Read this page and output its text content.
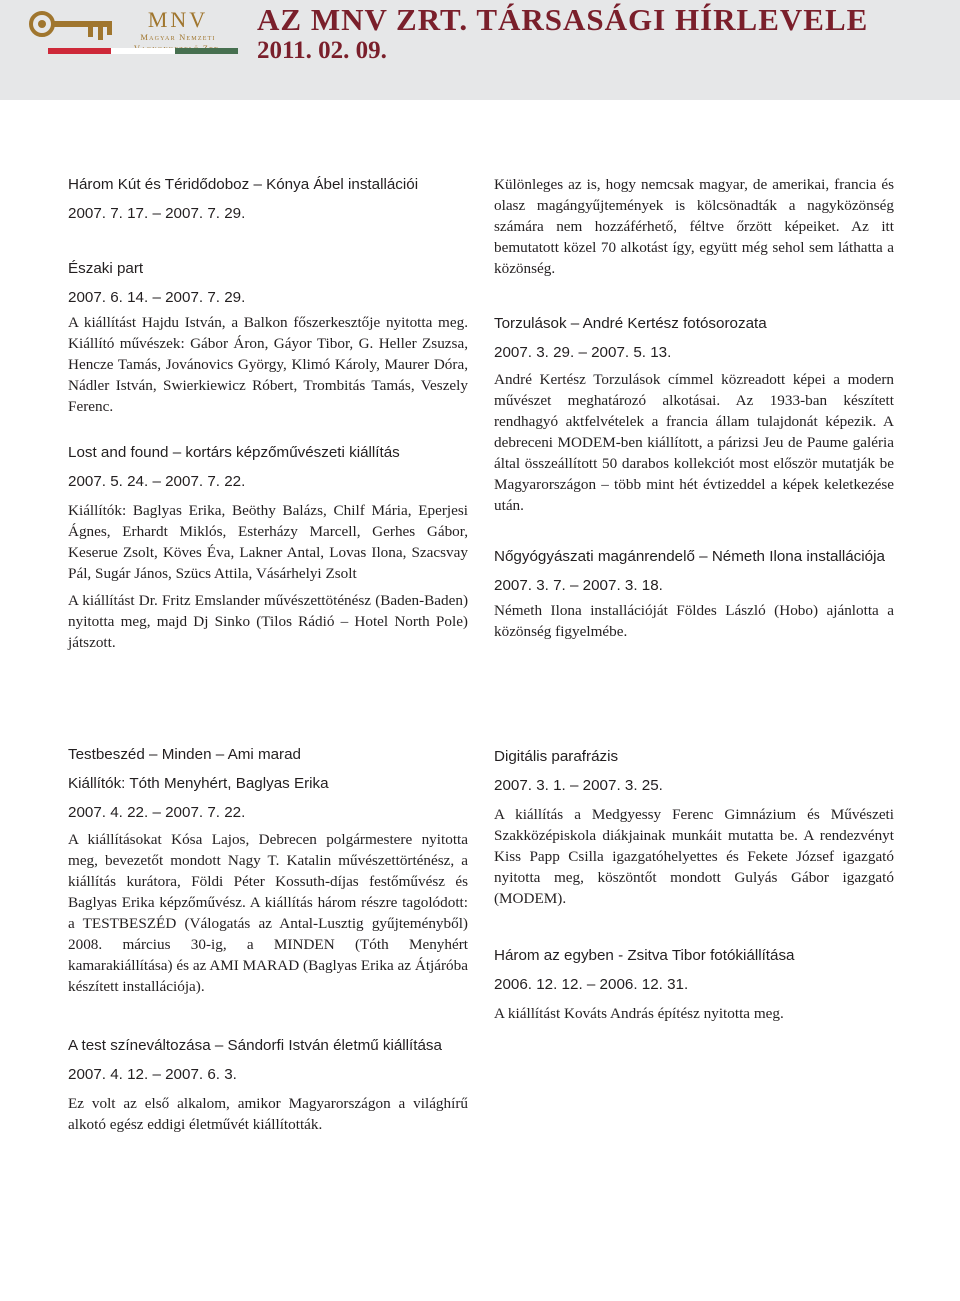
MNV
Magyar Nemzeti	AZ MNV ZRT. TÁRSASÁGI HÍRLEVELE
2011. 02. 09.

Három Kút és Téridődoboz – Kónya Ábel installációi

2007. 7. 17. – 2007. 7. 29.

Északi part

2007. 6. 14. – 2007. 7. 29.

A kiállítást Hajdu István, a Balkon főszerkesztője nyitotta meg. Kiállító művészek: Gábor Áron, Gáyor Tibor, G. Heller Zsuzsa, Hencze Tamás, Jovánovics György, Klimó Károly, Maurer Dóra, Nádler István, Swierkiewicz Róbert, Trombitás Tamás, Veszely Ferenc.

Lost and found – kortárs képzőművészeti kiállítás

2007. 5. 24. – 2007. 7. 22.

Kiállítók: Baglyas Erika, Beöthy Balázs, Chilf Mária, Eperjesi Ágnes, Erhardt Miklós, Esterházy Marcell, Gerhes Gábor, Keserue Zsolt, Köves Éva, Lakner Antal, Lovas Ilona, Szacsvay Pál, Sugár János, Szücs Attila, Vásárhelyi Zsolt

A kiállítást Dr. Fritz Emslander művészettöténész (Baden-Baden) nyitotta meg, majd Dj Sinko (Tilos Rádió – Hotel North Pole) játszott.

Testbeszéd – Minden – Ami marad

Kiállítók: Tóth Menyhért, Baglyas Erika

2007. 4. 22. – 2007. 7. 22.

A kiállításokat Kósa Lajos, Debrecen polgármestere nyitotta meg, bevezetőt mondott Nagy T. Katalin művészettörténész, a kiállítás kurátora, Földi Péter Kossuth-díjas festőművész és Baglyas Erika képzőművész. A kiállítás három részre tagolódott: a TESTBESZÉD (Válogatás az Antal-Lusztig gyűjteményből) 2008. március 30-ig, a MINDEN (Tóth Menyhért kamarakiállítása) és az AMI MARAD (Baglyas Erika az Átjáróba készített installációja).

A test színeváltozása – Sándorfi István életmű kiállítása

2007. 4. 12. – 2007. 6. 3.

Ez volt az első alkalom, amikor Magyarországon a világhírű alkotó egész eddigi életművét kiállították.

Különleges az is, hogy nemcsak magyar, de amerikai, francia és olasz magángyűjtemények is kölcsönadták a nagyközönség számára nem hozzáférhető, féltve őrzött képeiket. Az itt bemutatott közel 70 alkotást így, együtt még sehol sem láthatta a közönség.

Torzulások – André Kertész fotósorozata

2007. 3. 29. – 2007. 5. 13.

André Kertész Torzulások címmel közreadott képei a modern művészet meghatározó alkotásai. Az 1933-ban készített rendhagyó aktfelvételek a francia állam tulajdonát képezik. A debreceni MODEM-ben kiállított, a párizsi Jeu de Paume galéria által összeállított 50 darabos kollekciót most először mutatják be Magyarországon – több mint hét évtizeddel a képek keletkezése után.

Nőgyógyászati magánrendelő – Németh Ilona installációja

2007. 3. 7. – 2007. 3. 18.

Németh Ilona installációját Földes László (Hobo) ajánlotta a közönség figyelmébe.

Digitális parafrázis

2007. 3. 1. – 2007. 3. 25.

A kiállítás a Medgyessy Ferenc Gimnázium és Művészeti Szakközépiskola diákjainak munkáit mutatta be. A rendezvényt Kiss Papp Csilla igazgatóhelyettes és Fekete József igazgató nyitotta meg, köszöntőt mondott Gulyás Gábor igazgató (MODEM).

Három az egyben - Zsitva Tibor fotókiállítása

2006. 12. 12. – 2006. 12. 31.

A kiállítást Kováts András építész nyitotta meg.
